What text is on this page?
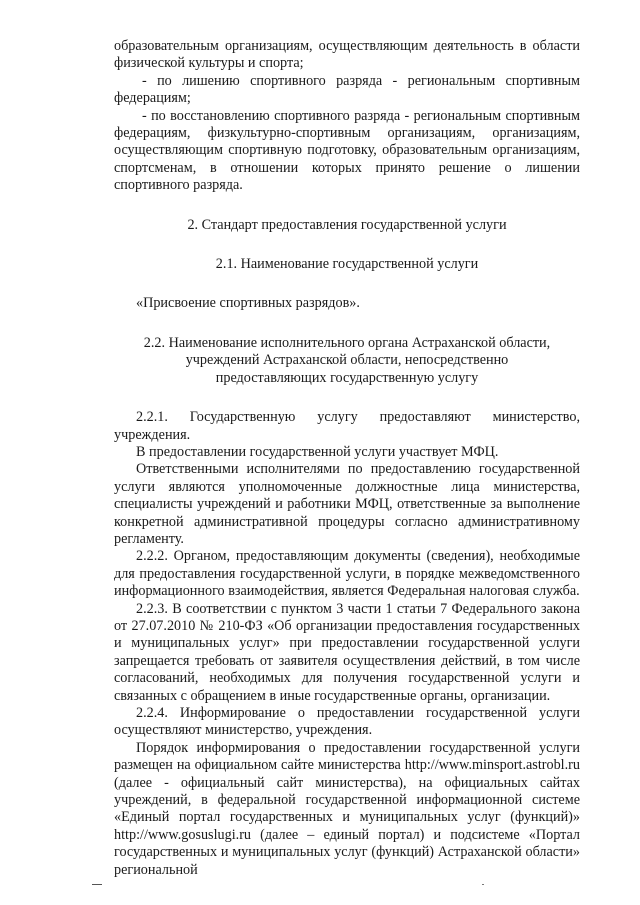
образовательным организациям, осуществляющим деятельность в области физической культуры и спорта;

- по лишению спортивного разряда - региональным спортивным федерациям;

- по восстановлению спортивного разряда - региональным спортивным федерациям, физкультурно-спортивным организациям, организациям, осуществляющим спортивную подготовку, образовательным организациям, спортсменам, в отношении которых принято решение о лишении спортивного разряда.

2. Стандарт предоставления государственной услуги

2.1. Наименование государственной услуги

«Присвоение спортивных разрядов».

2.2. Наименование исполнительного органа Астраханской области, учреждений Астраханской области, непосредственно предоставляющих государственную услугу

2.2.1. Государственную услугу предоставляют министерство, учреждения.

В предоставлении государственной услуги участвует МФЦ.

Ответственными исполнителями по предоставлению государственной услуги являются уполномоченные должностные лица министерства, специалисты учреждений и работники МФЦ, ответственные за выполнение конкретной административной процедуры согласно административному регламенту.

2.2.2. Органом, предоставляющим документы (сведения), необходимые для предоставления государственной услуги, в порядке межведомственного информационного взаимодействия, является Федеральная налоговая служба.

2.2.3. В соответствии с пунктом 3 части 1 статьи 7 Федерального закона от 27.07.2010 № 210-ФЗ «Об организации предоставления государственных и муниципальных услуг» при предоставлении государственной услуги запрещается требовать от заявителя осуществления действий, в том числе согласований, необходимых для получения государственной услуги и связанных с обращением в иные государственные органы, организации.

2.2.4. Информирование о предоставлении государственной услуги осуществляют министерство, учреждения.

Порядок информирования о предоставлении государственной услуги размещен на официальном сайте министерства http://www.minsport.astrobl.ru (далее - официальный сайт министерства), на официальных сайтах учреждений, в федеральной государственной информационной системе «Единый портал государственных и муниципальных услуг (функций)» http://www.gosuslugi.ru (далее – единый портал) и подсистеме «Портал государственных и муниципальных услуг (функций) Астраханской области» региональной
